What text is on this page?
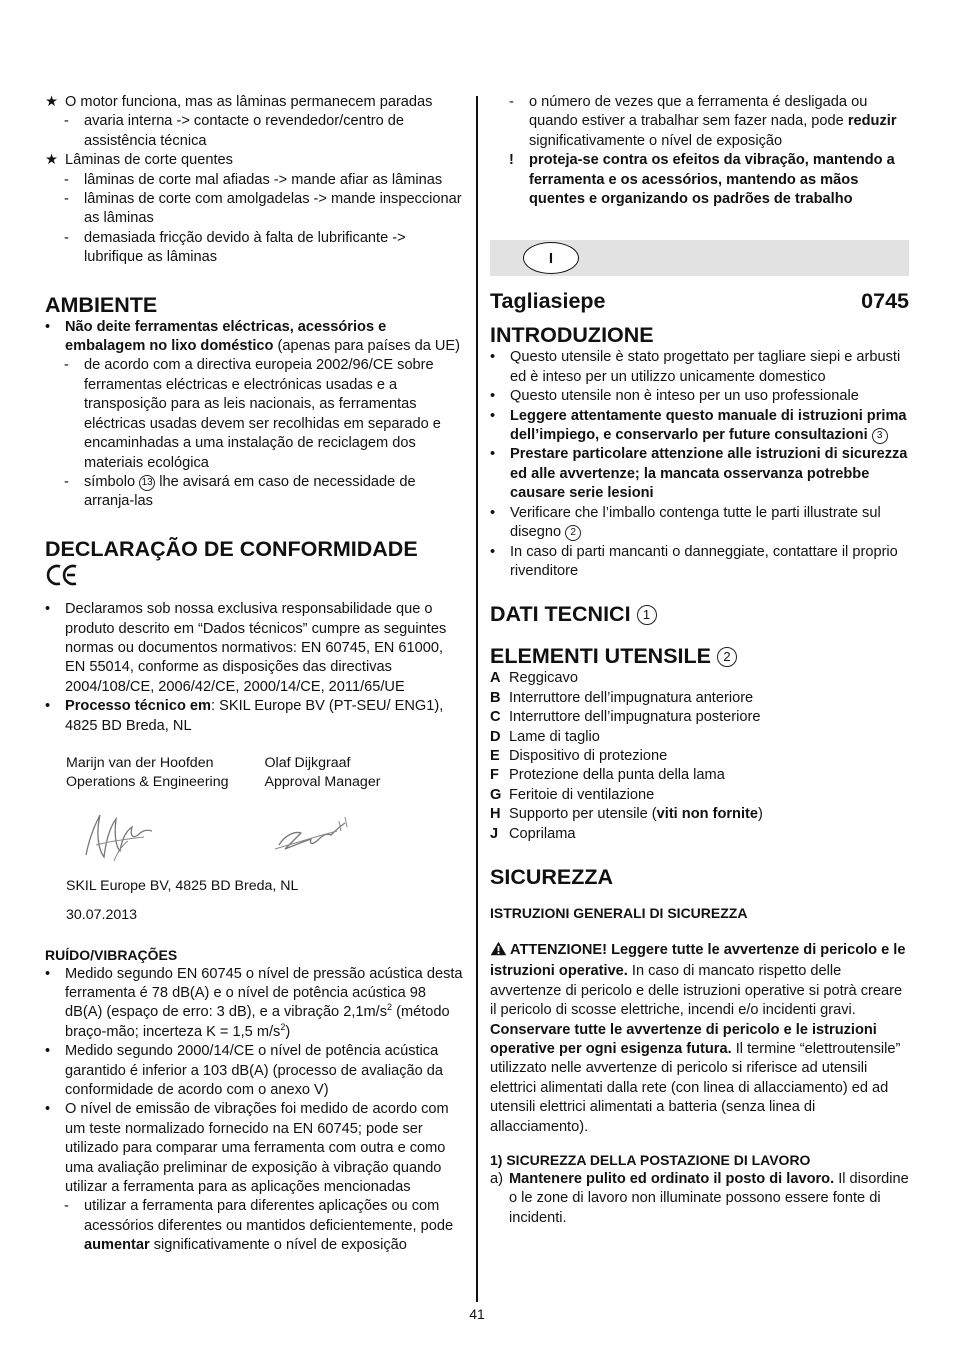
★ O motor funciona, mas as lâminas permanecem paradas
- avaria interna -> contacte o revendedor/centro de assistência técnica
★ Lâminas de corte quentes
- lâminas de corte mal afiadas -> mande afiar as lâminas
- lâminas de corte com amolgadelas -> mande inspeccionar as lâminas
- demasiada fricção devido à falta de lubrificante -> lubrifique as lâminas
AMBIENTE
• Não deite ferramentas eléctricas, acessórios e embalagem no lixo doméstico (apenas para países da UE)
- de acordo com a directiva europeia 2002/96/CE sobre ferramentas eléctricas e electrónicas usadas e a transposição para as leis nacionais, as ferramentas eléctricas usadas devem ser recolhidas em separado e encaminhadas a uma instalação de reciclagem dos materiais ecológica
- símbolo 13 lhe avisará em caso de necessidade de arranja-las
DECLARAÇÃO DE CONFORMIDADE
• Declaramos sob nossa exclusiva responsabilidade que o produto descrito em “Dados técnicos” cumpre as seguintes normas ou documentos normativos: EN 60745, EN 61000, EN 55014, conforme as disposições das directivas 2004/108/CE, 2006/42/CE, 2000/14/CE, 2011/65/UE
• Processo técnico em: SKIL Europe BV (PT-SEU/ ENG1), 4825 BD Breda, NL
Marijn van der Hoofden
Operations & Engineering
Olaf Dijkgraaf
Approval Manager
SKIL Europe BV, 4825 BD Breda, NL
30.07.2013
RUÍDO/VIBRAÇÕES
• Medido segundo EN 60745 o nível de pressão acústica desta ferramenta é 78 dB(A) e o nível de potência acústica 98 dB(A) (espaço de erro: 3 dB), e a vibração $2,1m/s^2$ (método braço-mão; incerteza K = 1,5 $m/s^2$)
• Medido segundo 2000/14/CE o nível de potência acústica garantido é inferior a 103 dB(A) (processo de avaliação da conformidade de acordo com o anexo V)
• O nível de emissão de vibrações foi medido de acordo com um teste normalizado fornecido na EN 60745; pode ser utilizado para comparar uma ferramenta com outra e como uma avaliação preliminar de exposição à vibração quando utilizar a ferramenta para as aplicações mencionadas
- utilizar a ferramenta para diferentes aplicações ou com acessórios diferentes ou mantidos deficientemente, pode aumentar significativamente o nível de exposição
- o número de vezes que a ferramenta é desligada ou quando estiver a trabalhar sem fazer nada, pode reduzir significativamente o nível de exposição
! proteja-se contra os efeitos da vibração, mantendo a ferramenta e os acessórios, mantendo as mãos quentes e organizando os padrões de trabalho
I
Tagliasiepe	0745
INTRODUZIONE
• Questo utensile è stato progettato per tagliare siepi e arbusti ed è inteso per un utilizzo unicamente domestico
• Questo utensile non è inteso per un uso professionale
• Leggere attentamente questo manuale di istruzioni prima dell’impiego, e conservarlo per future consultazioni 3
• Prestare particolare attenzione alle istruzioni di sicurezza ed alle avvertenze; la mancata osservanza potrebbe causare serie lesioni
• Verificare che l’imballo contenga tutte le parti illustrate sul disegno 2
• In caso di parti mancanti o danneggiate, contattare il proprio rivenditore
DATI TECNICI 1
ELEMENTI UTENSILE 2
A Reggicavo
B Interruttore dell’impugnatura anteriore
C Interruttore dell’impugnatura posteriore
D Lame di taglio
E Dispositivo di protezione
F Protezione della punta della lama
G Feritoie di ventilazione
H Supporto per utensile (viti non fornite)
J Coprilama
SICUREZZA
ISTRUZIONI GENERALI DI SICUREZZA
ATTENZIONE! Leggere tutte le avvertenze di pericolo e le istruzioni operative. In caso di mancato rispetto delle avvertenze di pericolo e delle istruzioni operative si potrà creare il pericolo di scosse elettriche, incendi e/o incidenti gravi. Conservare tutte le avvertenze di pericolo e le istruzioni operative per ogni esigenza futura. Il termine “elettroutensile” utilizzato nelle avvertenze di pericolo si riferisce ad utensili elettrici alimentati dalla rete (con linea di allacciamento) ed ad utensili elettrici alimentati a batteria (senza linea di allacciamento).
1) SICUREZZA DELLA POSTAZIONE DI LAVORO
a) Mantenere pulito ed ordinato il posto di lavoro. Il disordine o le zone di lavoro non illuminate possono essere fonte di incidenti.
41
